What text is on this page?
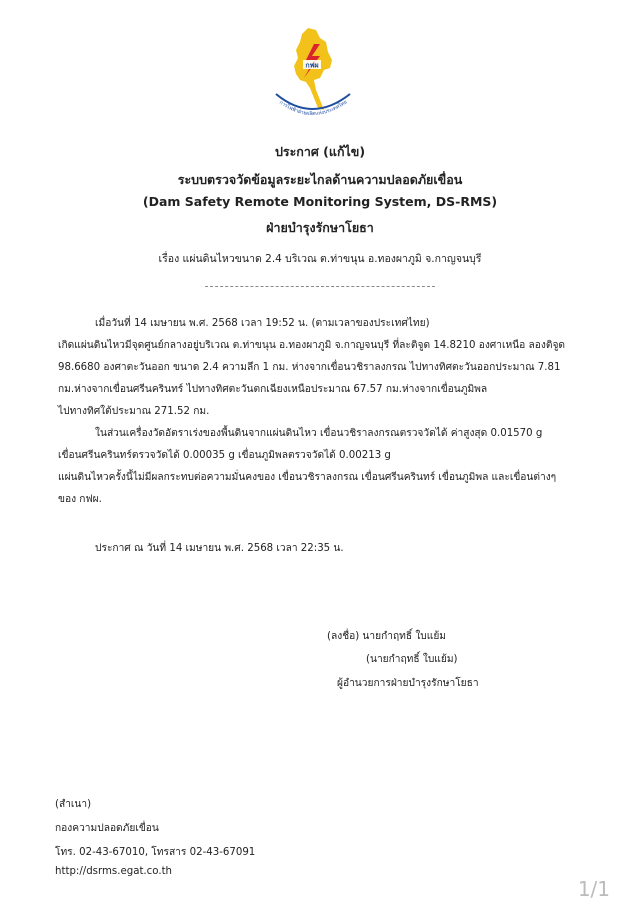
กฟผ
การไฟฟ้าฝ่ายผลิตแห่งประเทศไทย
ประกาศ (แก้ไข)
ระบบตรวจวัดข้อมูลระยะไกลด้านความปลอดภัยเขื่อน
(Dam Safety Remote Monitoring System, DS-RMS)
ฝ่ายบำรุงรักษาโยธา
เรื่อง แผ่นดินไหวขนาด 2.4 บริเวณ ต.ท่าขนุน อ.ทองผาภูมิ จ.กาญจนบุรี
เมื่อวันที่ 14 เมษายน พ.ศ. 2568 เวลา 19:52 น. (ตามเวลาของประเทศไทย)
เกิดแผ่นดินไหวมีจุดศูนย์กลางอยู่บริเวณ ต.ท่าขนุน อ.ทองผาภูมิ จ.กาญจนบุรี ที่ละติจูด 14.8210 องศาเหนือ ลองติจูด
98.6680 องศาตะวันออก ขนาด 2.4 ความลึก 1 กม. ห่างจากเขื่อนวชิราลงกรณ ไปทางทิศตะวันออกประมาณ 7.81
กม.ห่างจากเขื่อนศรีนครินทร์ ไปทางทิศตะวันตกเฉียงเหนือประมาณ 67.57 กม.ห่างจากเขื่อนภูมิพล
ไปทางทิศใต้ประมาณ 271.52 กม.
ในส่วนเครื่องวัดอัตราเร่งของพื้นดินจากแผ่นดินไหว เขื่อนวชิราลงกรณตรวจวัดได้ ค่าสูงสุด 0.01570 g
เขื่อนศรีนครินทร์ตรวจวัดได้ 0.00035 g เขื่อนภูมิพลตรวจวัดได้ 0.00213 g
แผ่นดินไหวครั้งนี้ไม่มีผลกระทบต่อความมั่นคงของ เขื่อนวชิราลงกรณ เขื่อนศรีนครินทร์ เขื่อนภูมิพล และเขื่อนต่างๆ
ของ กฟผ.
ประกาศ ณ วันที่ 14 เมษายน พ.ศ. 2568 เวลา 22:35 น.
(ลงชื่อ) นายกำฤทธิ์ ใบแย้ม
(นายกำฤทธิ์ ใบแย้ม)
ผู้อำนวยการฝ่ายบำรุงรักษาโยธา
(สำเนา)
กองความปลอดภัยเขื่อน
โทร. 02-43-67010, โทรสาร 02-43-67091
http://dsrms.egat.co.th
1/1
